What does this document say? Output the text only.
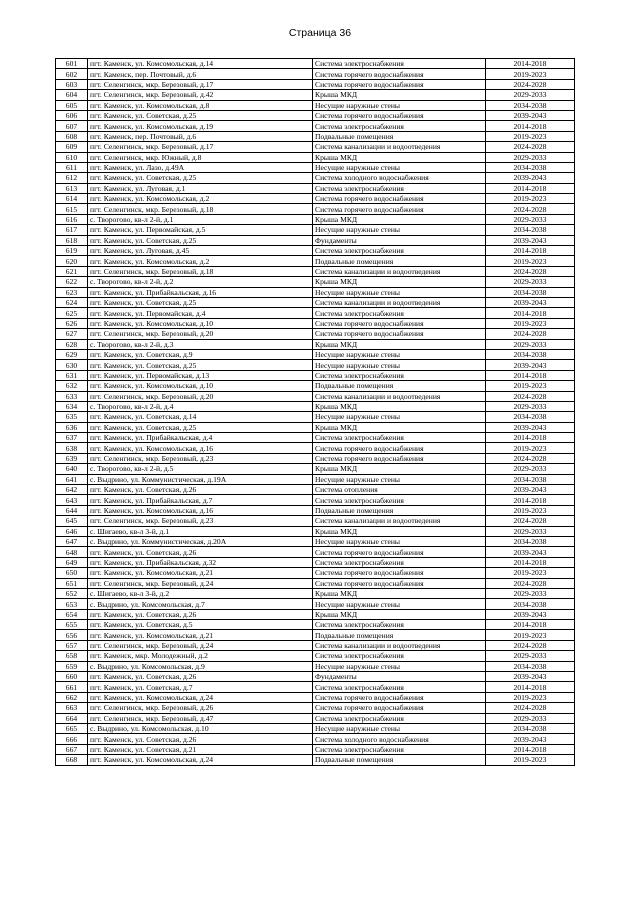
Страница 36
601	пгт. Каменск, ул. Комсомольская, д.14	Система электроснабжения	2014-2018
602	пгт. Каменск, пер. Почтовый, д.6	Система горячего водоснабжения	2019-2023
603	пгт. Селенгинск, мкр. Березовый, д.17	Система горячего водоснабжения	2024-2028
604	пгт. Селенгинск, мкр. Березовый, д.42	Крыша МКД	2029-2033
605	пгт. Каменск, ул. Комсомольская, д.8	Несущие наружные стены	2034-2038
606	пгт. Каменск, ул. Советская, д.25	Система горячего водоснабжения	2039-2043
607	пгт. Каменск, ул. Комсомольская, д.19	Система электроснабжения	2014-2018
608	пгт. Каменск, пер. Почтовый, д.6	Подвальные помещения	2019-2023
609	пгт. Селенгинск, мкр. Березовый, д.17	Система канализации и водоотведения	2024-2028
610	пгт. Селенгинск, мкр. Южный, д.8	Крыша МКД	2029-2033
611	пгт. Каменск, ул. Лазо, д.49А	Несущие наружные стены	2034-2038
612	пгт. Каменск, ул. Советская, д.25	Система холодного водоснабжения	2039-2043
613	пгт. Каменск, ул. Луговая, д.1	Система электроснабжения	2014-2018
614	пгт. Каменск, ул. Комсомольская, д.2	Система горячего водоснабжения	2019-2023
615	пгт. Селенгинск, мкр. Березовый, д.18	Система горячего водоснабжения	2024-2028
616	с. Творогово, кв-л 2-й, д.1	Крыша МКД	2029-2033
617	пгт. Каменск, ул. Первомайская, д.5	Несущие наружные стены	2034-2038
618	пгт. Каменск, ул. Советская, д.25	Фундаменты	2039-2043
619	пгт. Каменск, ул. Луговая, д.45	Система электроснабжения	2014-2018
620	пгт. Каменск, ул. Комсомольская, д.2	Подвальные помещения	2019-2023
621	пгт. Селенгинск, мкр. Березовый, д.18	Система канализации и водоотведения	2024-2028
622	с. Творогово, кв-л 2-й, д.2	Крыша МКД	2029-2033
623	пгт. Каменск, ул. Прибайкальская, д.16	Несущие наружные стены	2034-2038
624	пгт. Каменск, ул. Советская, д.25	Система канализации и водоотведения	2039-2043
625	пгт. Каменск, ул. Первомайская, д.4	Система электроснабжения	2014-2018
626	пгт. Каменск, ул. Комсомольская, д.10	Система горячего водоснабжения	2019-2023
627	пгт. Селенгинск, мкр. Березовый, д.20	Система горячего водоснабжения	2024-2028
628	с. Творогово, кв-л 2-й, д.3	Крыша МКД	2029-2033
629	пгт. Каменск, ул. Советская, д.9	Несущие наружные стены	2034-2038
630	пгт. Каменск, ул. Советская, д.25	Несущие наружные стены	2039-2043
631	пгт. Каменск, ул. Первомайская, д.13	Система электроснабжения	2014-2018
632	пгт. Каменск, ул. Комсомольская, д.10	Подвальные помещения	2019-2023
633	пгт. Селенгинск, мкр. Березовый, д.20	Система канализации и водоотведения	2024-2028
634	с. Творогово, кв-л 2-й, д.4	Крыша МКД	2029-2033
635	пгт. Каменск, ул. Советская, д.14	Несущие наружные стены	2034-2038
636	пгт. Каменск, ул. Советская, д.25	Крыша МКД	2039-2043
637	пгт. Каменск, ул. Прибайкальская, д.4	Система электроснабжения	2014-2018
638	пгт. Каменск, ул. Комсомольская, д.16	Система горячего водоснабжения	2019-2023
639	пгт. Селенгинск, мкр. Березовый, д.23	Система горячего водоснабжения	2024-2028
640	с. Творогово, кв-л 2-й, д.5	Крыша МКД	2029-2033
641	с. Выдрино, ул. Коммунистическая, д.19А	Несущие наружные стены	2034-2038
642	пгт. Каменск, ул. Советская, д.26	Система отопления	2039-2043
643	пгт. Каменск, ул. Прибайкальская, д.7	Система электроснабжения	2014-2018
644	пгт. Каменск, ул. Комсомольская, д.16	Подвальные помещения	2019-2023
645	пгт. Селенгинск, мкр. Березовый, д.23	Система канализации и водоотведения	2024-2028
646	с. Шигаево, кв-л 3-й, д.1	Крыша МКД	2029-2033
647	с. Выдрино, ул. Коммунистическая, д.20А	Несущие наружные стены	2034-2038
648	пгт. Каменск, ул. Советская, д.26	Система горячего водоснабжения	2039-2043
649	пгт. Каменск, ул. Прибайкальская, д.32	Система электроснабжения	2014-2018
650	пгт. Каменск, ул. Комсомольская, д.21	Система горячего водоснабжения	2019-2023
651	пгт. Селенгинск, мкр. Березовый, д.24	Система горячего водоснабжения	2024-2028
652	с. Шигаево, кв-л 3-й, д.2	Крыша МКД	2029-2033
653	с. Выдрино, ул. Комсомольская, д.7	Несущие наружные стены	2034-2038
654	пгт. Каменск, ул. Советская, д.26	Крыша МКД	2039-2043
655	пгт. Каменск, ул. Советская, д.5	Система электроснабжения	2014-2018
656	пгт. Каменск, ул. Комсомольская, д.21	Подвальные помещения	2019-2023
657	пгт. Селенгинск, мкр. Березовый, д.24	Система канализации и водоотведения	2024-2028
658	пгт. Каменск, мкр. Молодежный, д.2	Система электроснабжения	2029-2033
659	с. Выдрино, ул. Комсомольская, д.9	Несущие наружные стены	2034-2038
660	пгт. Каменск, ул. Советская, д.26	Фундаменты	2039-2043
661	пгт. Каменск, ул. Советская, д.7	Система электроснабжения	2014-2018
662	пгт. Каменск, ул. Комсомольская, д.24	Система горячего водоснабжения	2019-2023
663	пгт. Селенгинск, мкр. Березовый, д.26	Система горячего водоснабжения	2024-2028
664	пгт. Селенгинск, мкр. Березовый, д.47	Система электроснабжения	2029-2033
665	с. Выдрино, ул. Комсомольская, д.10	Несущие наружные стены	2034-2038
666	пгт. Каменск, ул. Советская, д.26	Система холодного водоснабжения	2039-2043
667	пгт. Каменск, ул. Советская, д.21	Система электроснабжения	2014-2018
668	пгт. Каменск, ул. Комсомольская, д.24	Подвальные помещения	2019-2023
